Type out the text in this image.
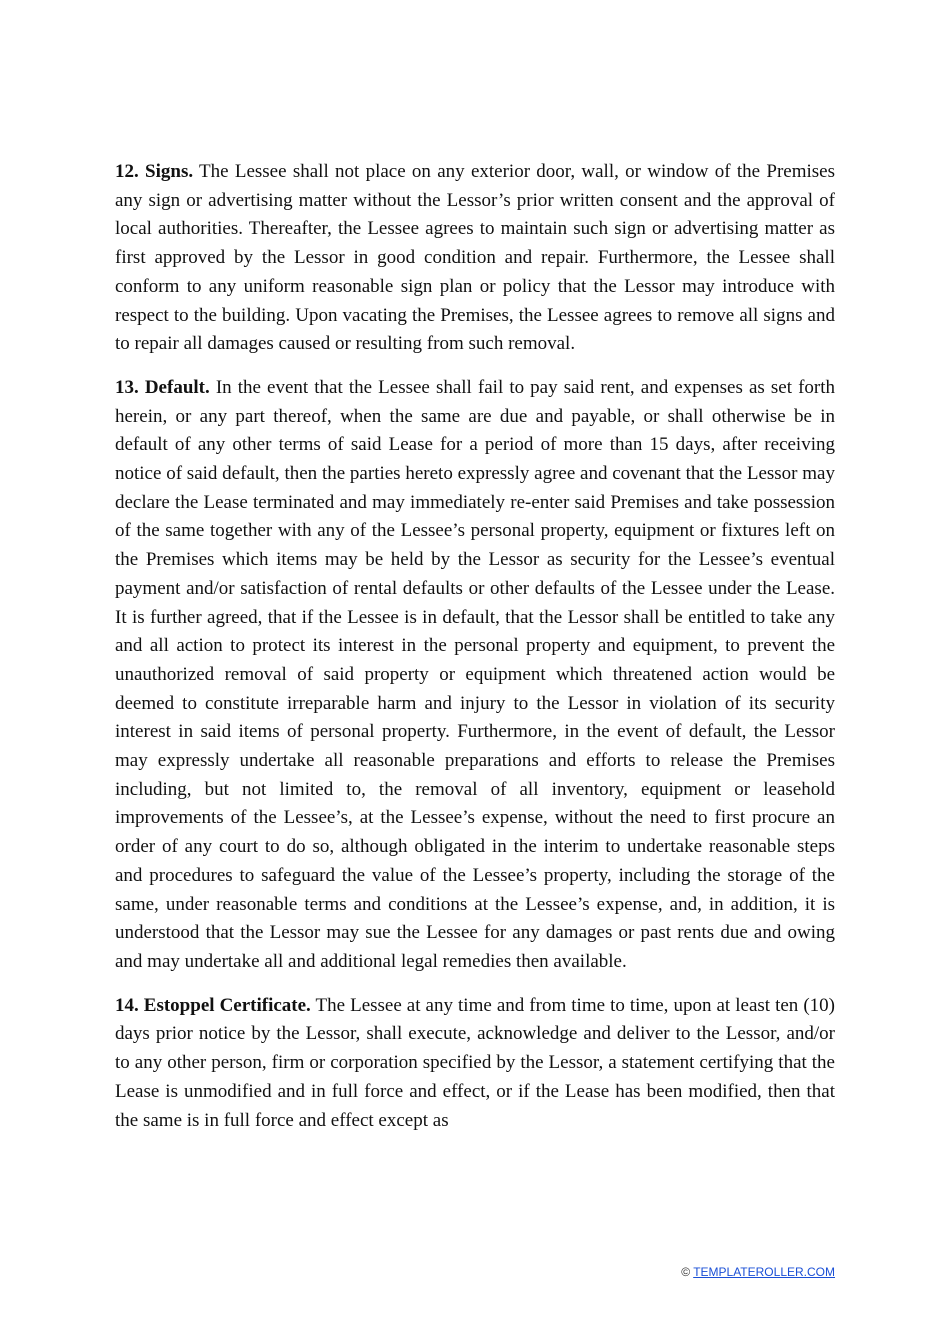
12. Signs. The Lessee shall not place on any exterior door, wall, or window of the Premises any sign or advertising matter without the Lessor’s prior written consent and the approval of local authorities. Thereafter, the Lessee agrees to maintain such sign or advertising matter as first approved by the Lessor in good condition and repair. Furthermore, the Lessee shall conform to any uniform reasonable sign plan or policy that the Lessor may introduce with respect to the building. Upon vacating the Premises, the Lessee agrees to remove all signs and to repair all damages caused or resulting from such removal.

13. Default. In the event that the Lessee shall fail to pay said rent, and expenses as set forth herein, or any part thereof, when the same are due and payable, or shall otherwise be in default of any other terms of said Lease for a period of more than 15 days, after receiving notice of said default, then the parties hereto expressly agree and covenant that the Lessor may declare the Lease terminated and may immediately re-enter said Premises and take possession of the same together with any of the Lessee’s personal property, equipment or fixtures left on the Premises which items may be held by the Lessor as security for the Lessee’s eventual payment and/or satisfaction of rental defaults or other defaults of the Lessee under the Lease. It is further agreed, that if the Lessee is in default, that the Lessor shall be entitled to take any and all action to protect its interest in the personal property and equipment, to prevent the unauthorized removal of said property or equipment which threatened action would be deemed to constitute irreparable harm and injury to the Lessor in violation of its security interest in said items of personal property. Furthermore, in the event of default, the Lessor may expressly undertake all reasonable preparations and efforts to release the Premises including, but not limited to, the removal of all inventory, equipment or leasehold improvements of the Lessee’s, at the Lessee’s expense, without the need to first procure an order of any court to do so, although obligated in the interim to undertake reasonable steps and procedures to safeguard the value of the Lessee’s property, including the storage of the same, under reasonable terms and conditions at the Lessee’s expense, and, in addition, it is understood that the Lessor may sue the Lessee for any damages or past rents due and owing and may undertake all and additional legal remedies then available.

14. Estoppel Certificate. The Lessee at any time and from time to time, upon at least ten (10) days prior notice by the Lessor, shall execute, acknowledge and deliver to the Lessor, and/or to any other person, firm or corporation specified by the Lessor, a statement certifying that the Lease is unmodified and in full force and effect, or if the Lease has been modified, then that the same is in full force and effect except as

© TEMPLATEROLLER.COM
